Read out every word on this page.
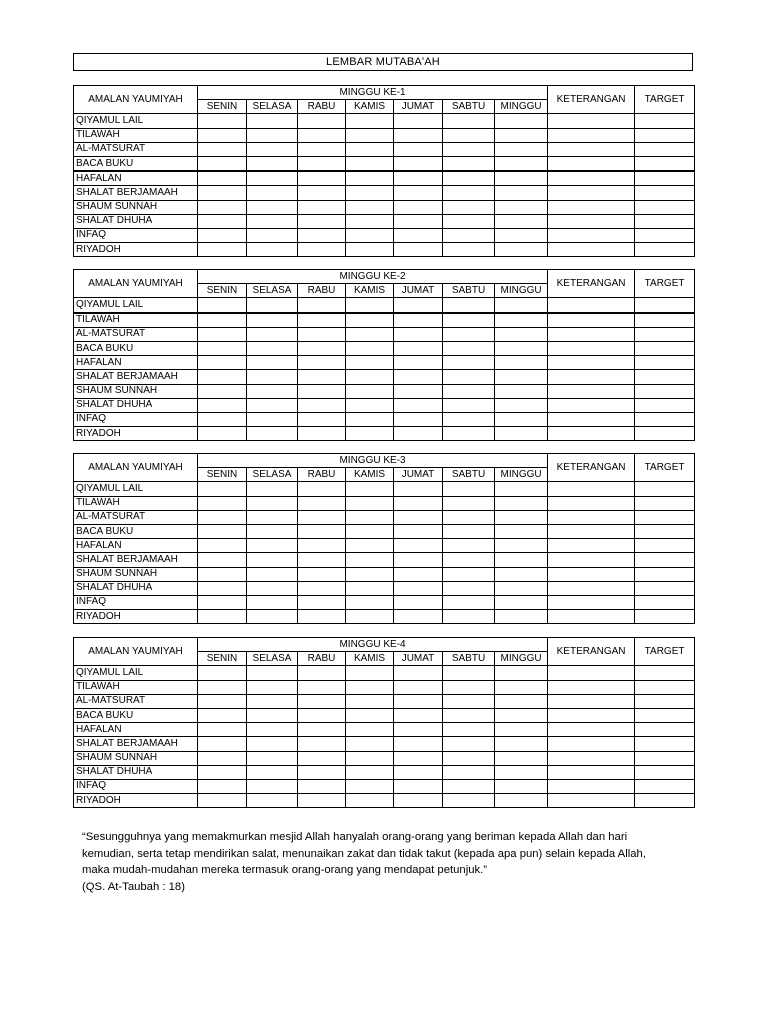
LEMBAR MUTABA'AH
AMALAN YAUMIYAH	MINGGU KE-1							KETERANGAN	TARGET
	SENIN	SELASA	RABU	KAMIS	JUMAT	SABTU	MINGGU		
QIYAMUL LAIL									
TILAWAH									
AL-MATSURAT									
BACA BUKU									
HAFALAN									
SHALAT BERJAMAAH									
SHAUM SUNNAH									
SHALAT DHUHA									
INFAQ									
RIYADOH									
AMALAN YAUMIYAH	MINGGU KE-2							KETERANGAN	TARGET
	SENIN	SELASA	RABU	KAMIS	JUMAT	SABTU	MINGGU		
QIYAMUL LAIL									
TILAWAH									
AL-MATSURAT									
BACA BUKU									
HAFALAN									
SHALAT BERJAMAAH									
SHAUM SUNNAH									
SHALAT DHUHA									
INFAQ									
RIYADOH									
AMALAN YAUMIYAH	MINGGU KE-3							KETERANGAN	TARGET
	SENIN	SELASA	RABU	KAMIS	JUMAT	SABTU	MINGGU		
QIYAMUL LAIL									
TILAWAH									
AL-MATSURAT									
BACA BUKU									
HAFALAN									
SHALAT BERJAMAAH									
SHAUM SUNNAH									
SHALAT DHUHA									
INFAQ									
RIYADOH									
AMALAN YAUMIYAH	MINGGU KE-4							KETERANGAN	TARGET
	SENIN	SELASA	RABU	KAMIS	JUMAT	SABTU	MINGGU		
QIYAMUL LAIL									
TILAWAH									
AL-MATSURAT									
BACA BUKU									
HAFALAN									
SHALAT BERJAMAAH									
SHAUM SUNNAH									
SHALAT DHUHA									
INFAQ									
RIYADOH									

“Sesungguhnya yang memakmurkan mesjid Allah hanyalah orang-orang yang beriman kepada Allah dan hari

kemudian, serta tetap mendirikan salat, menunaikan zakat dan tidak takut (kepada apa pun) selain kepada Allah,

maka mudah-mudahan mereka termasuk orang-orang yang mendapat petunjuk.”

(QS. At-Taubah : 18)
